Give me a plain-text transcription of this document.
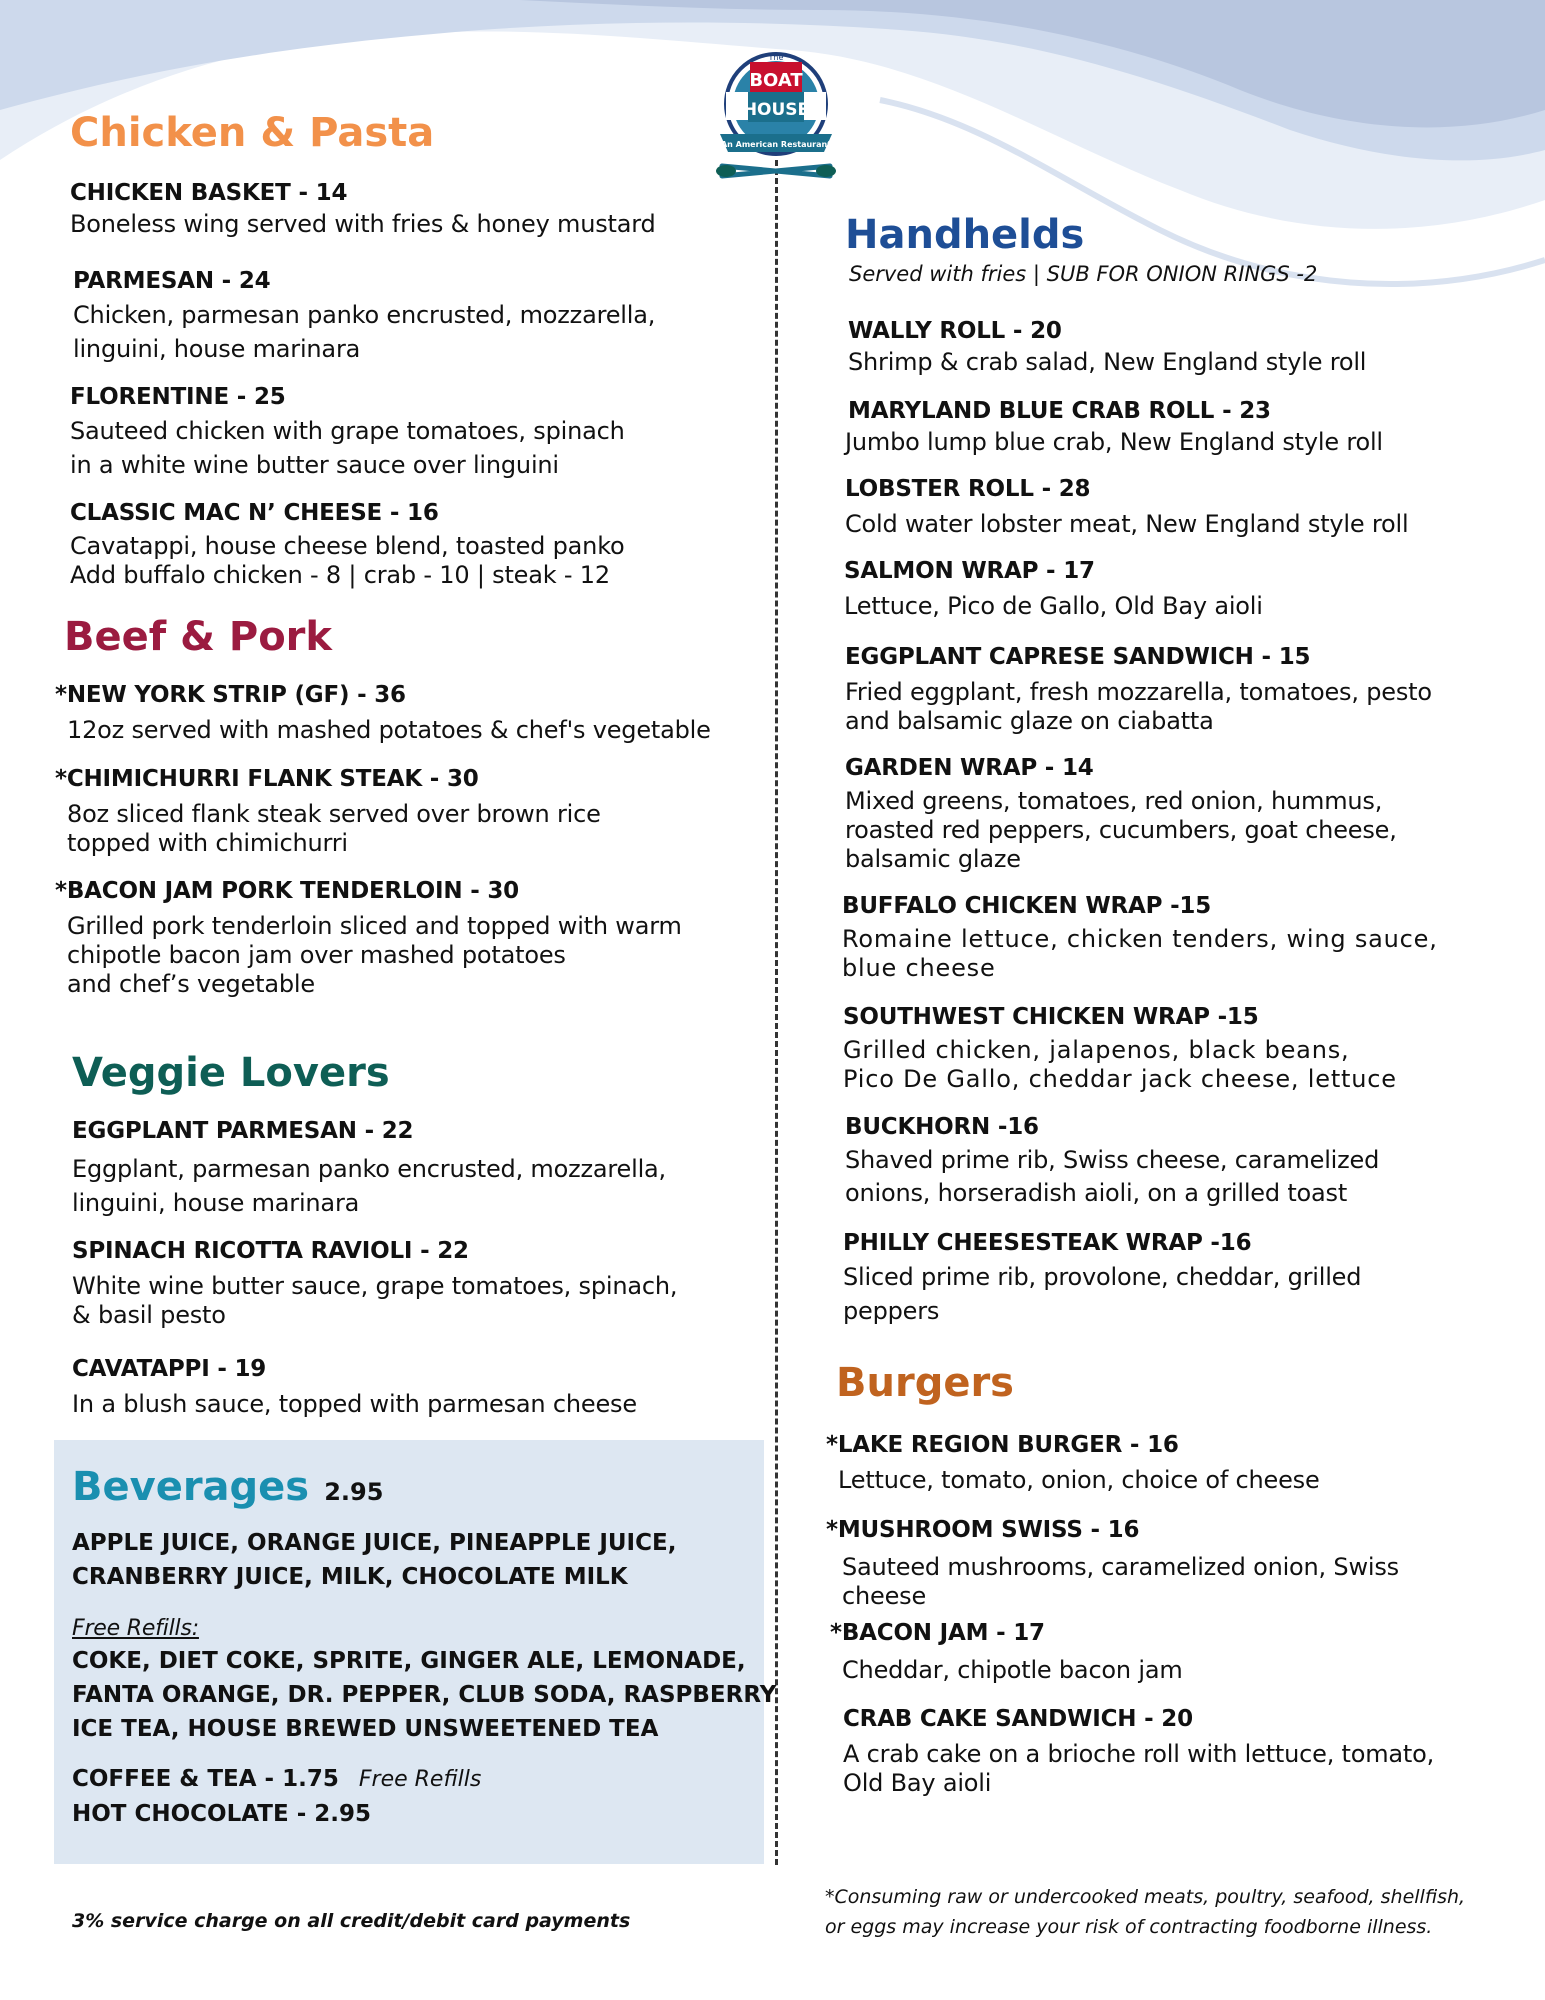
The
BOAT
HOUSE
An American Restaurant
Chicken & Pasta

CHICKEN BASKET - 14

Boneless wing served with fries & honey mustard

PARMESAN - 24

Chicken, parmesan panko encrusted, mozzarella,

linguini, house marinara

FLORENTINE - 25

Sauteed chicken with grape tomatoes, spinach

in a white wine butter sauce over linguini

CLASSIC MAC N’ CHEESE - 16

Cavatappi, house cheese blend, toasted panko

Add buffalo chicken - 8 | crab - 10 | steak - 12

Beef & Pork

*NEW YORK STRIP (GF) - 36

12oz served with mashed potatoes & chef's vegetable

*CHIMICHURRI FLANK STEAK - 30

8oz sliced flank steak served over brown rice

topped with chimichurri

*BACON JAM PORK TENDERLOIN - 30

Grilled pork tenderloin sliced and topped with warm

chipotle bacon jam over mashed potatoes

and chef’s vegetable

Veggie Lovers

EGGPLANT PARMESAN - 22

Eggplant, parmesan panko encrusted, mozzarella,

linguini, house marinara

SPINACH RICOTTA RAVIOLI - 22

White wine butter sauce, grape tomatoes, spinach,

& basil pesto

CAVATAPPI - 19

In a blush sauce, topped with parmesan cheese

Beverages 2.95

APPLE JUICE, ORANGE JUICE, PINEAPPLE JUICE,

CRANBERRY JUICE, MILK, CHOCOLATE MILK

Free Refills:

COKE, DIET COKE, SPRITE, GINGER ALE, LEMONADE,

FANTA ORANGE, DR. PEPPER, CLUB SODA, RASPBERRY

ICE TEA, HOUSE BREWED UNSWEETENED TEA

COFFEE & TEA - 1.75 Free Refills

HOT CHOCOLATE - 2.95

Handhelds

Served with fries | SUB FOR ONION RINGS -2

WALLY ROLL - 20

Shrimp & crab salad, New England style roll

MARYLAND BLUE CRAB ROLL - 23

Jumbo lump blue crab, New England style roll

LOBSTER ROLL - 28

Cold water lobster meat, New England style roll

SALMON WRAP - 17

Lettuce, Pico de Gallo, Old Bay aioli

EGGPLANT CAPRESE SANDWICH - 15

Fried eggplant, fresh mozzarella, tomatoes, pesto

and balsamic glaze on ciabatta

GARDEN WRAP - 14

Mixed greens, tomatoes, red onion, hummus,

roasted red peppers, cucumbers, goat cheese,

balsamic glaze

BUFFALO CHICKEN WRAP -15

Romaine lettuce, chicken tenders, wing sauce,

blue cheese

SOUTHWEST CHICKEN WRAP -15

Grilled chicken, jalapenos, black beans,

Pico De Gallo, cheddar jack cheese, lettuce

BUCKHORN -16

Shaved prime rib, Swiss cheese, caramelized

onions, horseradish aioli, on a grilled toast

PHILLY CHEESESTEAK WRAP -16

Sliced prime rib, provolone, cheddar, grilled

peppers

Burgers

*LAKE REGION BURGER - 16

Lettuce, tomato, onion, choice of cheese

*MUSHROOM SWISS - 16

Sauteed mushrooms, caramelized onion, Swiss

cheese

*BACON JAM - 17

Cheddar, chipotle bacon jam

CRAB CAKE SANDWICH - 20

A crab cake on a brioche roll with lettuce, tomato,

Old Bay aioli

3% service charge on all credit/debit card payments

*Consuming raw or undercooked meats, poultry, seafood, shellfish,

or eggs may increase your risk of contracting foodborne illness.
